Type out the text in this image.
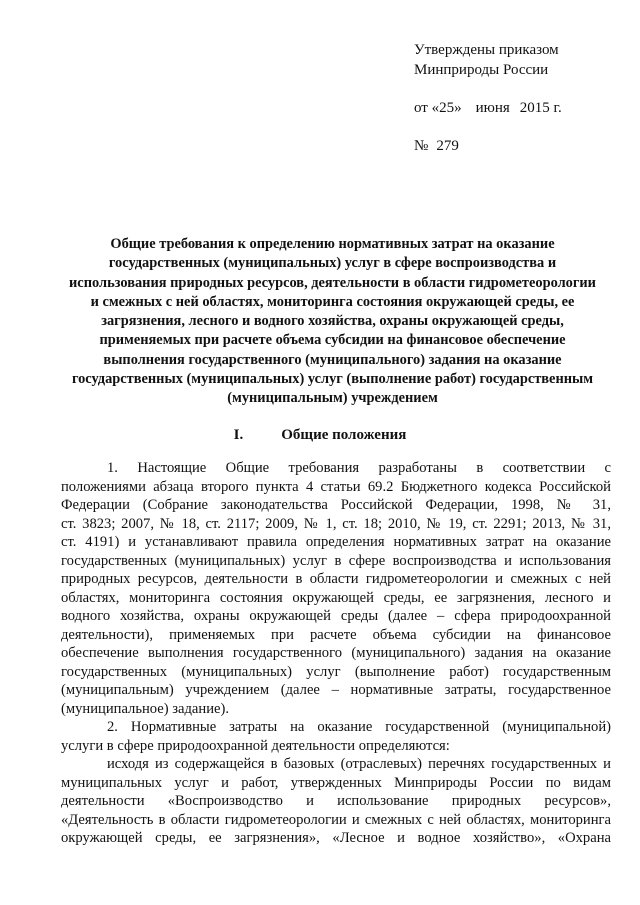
Утверждены приказом
Минприроды России
от «25» июня 2015 г.
№ 279
Общие требования к определению нормативных затрат на оказание
государственных (муниципальных) услуг в сфере воспроизводства и
использования природных ресурсов, деятельности в области гидрометеорологии
и смежных с ней областях, мониторинга состояния окружающей среды, ее
загрязнения, лесного и водного хозяйства, охраны окружающей среды,
применяемых при расчете объема субсидии на финансовое обеспечение
выполнения государственного (муниципального) задания на оказание
государственных (муниципальных) услуг (выполнение работ) государственным
(муниципальным) учреждением
I.	Общие положения
1. Настоящие Общие требования разработаны в соответствии с
положениями абзаца второго пункта 4 статьи 69.2 Бюджетного кодекса Российской
Федерации (Собрание законодательства Российской Федерации, 1998, № 31,
ст. 3823; 2007, № 18, ст. 2117; 2009, № 1, ст. 18; 2010, № 19, ст. 2291; 2013, № 31,
ст. 4191) и устанавливают правила определения нормативных затрат на оказание
государственных (муниципальных) услуг в сфере воспроизводства и использования
природных ресурсов, деятельности в области гидрометеорологии и смежных с ней
областях, мониторинга состояния окружающей среды, ее загрязнения, лесного и
водного хозяйства, охраны окружающей среды (далее – сфера природоохранной
деятельности), применяемых при расчете объема субсидии на финансовое
обеспечение выполнения государственного (муниципального) задания на оказание
государственных (муниципальных) услуг (выполнение работ) государственным
(муниципальным) учреждением (далее – нормативные затраты, государственное
(муниципальное) задание).
2. Нормативные затраты на оказание государственной (муниципальной)
услуги в сфере природоохранной деятельности определяются:
исходя из содержащейся в базовых (отраслевых) перечнях государственных и
муниципальных услуг и работ, утвержденных Минприроды России по видам
деятельности «Воспроизводство и использование природных ресурсов»,
«Деятельность в области гидрометеорологии и смежных с ней областях, мониторинга
окружающей среды, ее загрязнения», «Лесное и водное хозяйство», «Охрана
